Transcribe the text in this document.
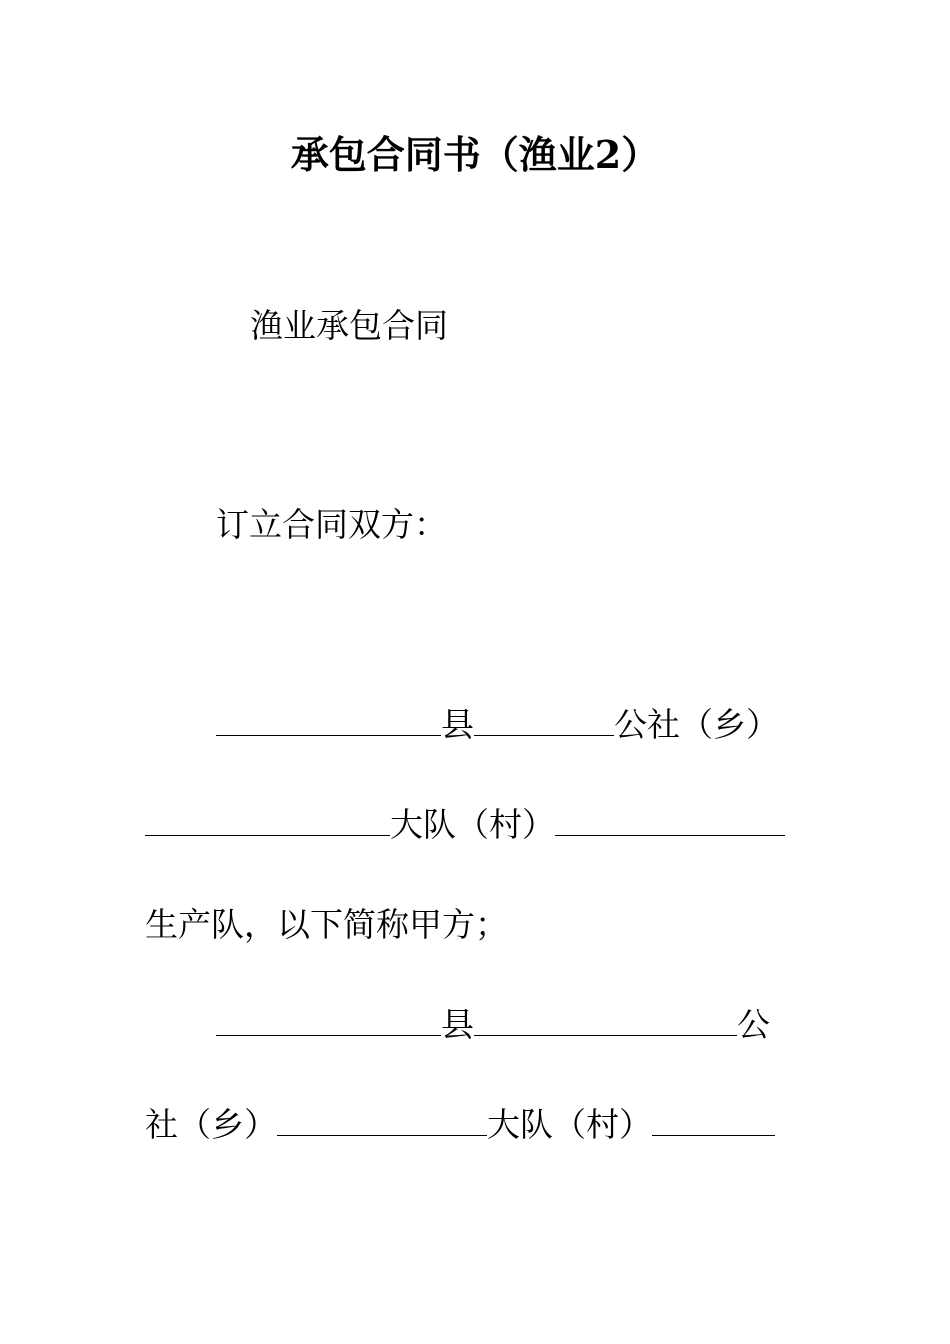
承包合同书（渔业2）
渔业承包合同
订立合同双方：
县	公社（乡）
大队（村）
生产队，以下简称甲方；
县	公
社（乡）	大队（村）
